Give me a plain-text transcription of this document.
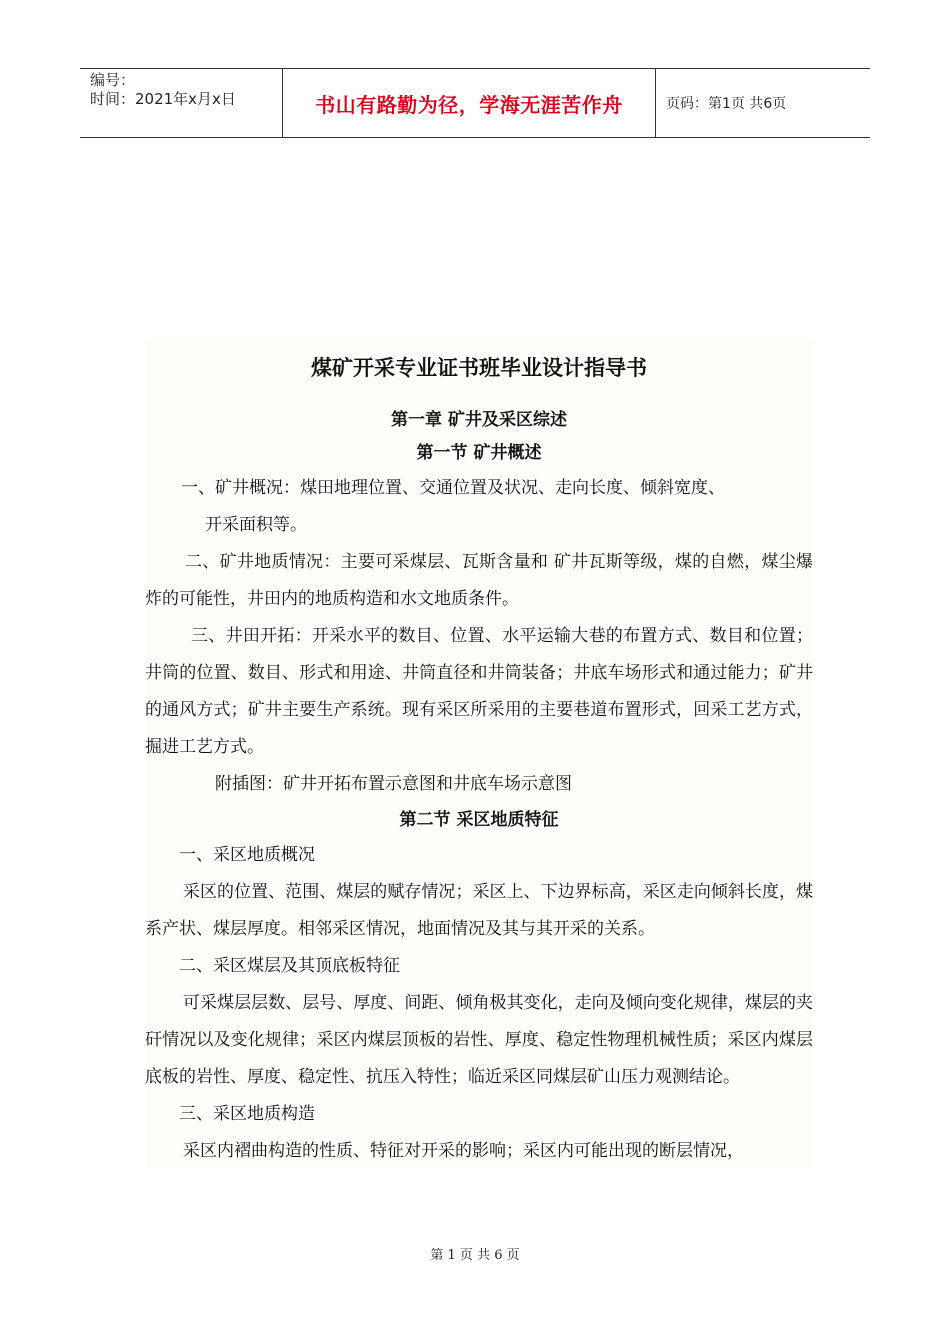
编号：
时间：2021年x月x日	书山有路勤为径，学海无涯苦作舟	页码：第1页 共6页
煤矿开采专业证书班毕业设计指导书
第一章 矿井及采区综述
第一节 矿井概述
一、矿井概况：煤田地理位置、交通位置及状况、走向长度、倾斜宽度、
开采面积等。
二、矿井地质情况：主要可采煤层、瓦斯含量和 矿井瓦斯等级，煤的自燃，煤尘爆炸的可能性，井田内的地质构造和水文地质条件。
三、井田开拓：开采水平的数目、位置、水平运输大巷的布置方式、数目和位置；井筒的位置、数目、形式和用途、井筒直径和井筒装备；井底车场形式和通过能力；矿井的通风方式；矿井主要生产系统。现有采区所采用的主要巷道布置形式，回采工艺方式，掘进工艺方式。
附插图：矿井开拓布置示意图和井底车场示意图
第二节 采区地质特征
一、采区地质概况
采区的位置、范围、煤层的赋存情况；采区上、下边界标高，采区走向倾斜长度，煤系产状、煤层厚度。相邻采区情况，地面情况及其与其开采的关系。
二、采区煤层及其顶底板特征
可采煤层层数、层号、厚度、间距、倾角极其变化，走向及倾向变化规律，煤层的夹矸情况以及变化规律；采区内煤层顶板的岩性、厚度、稳定性物理机械性质；采区内煤层底板的岩性、厚度、稳定性、抗压入特性；临近采区同煤层矿山压力观测结论。
三、采区地质构造
采区内褶曲构造的性质、特征对开采的影响；采区内可能出现的断层情况，
第 1 页 共 6 页
